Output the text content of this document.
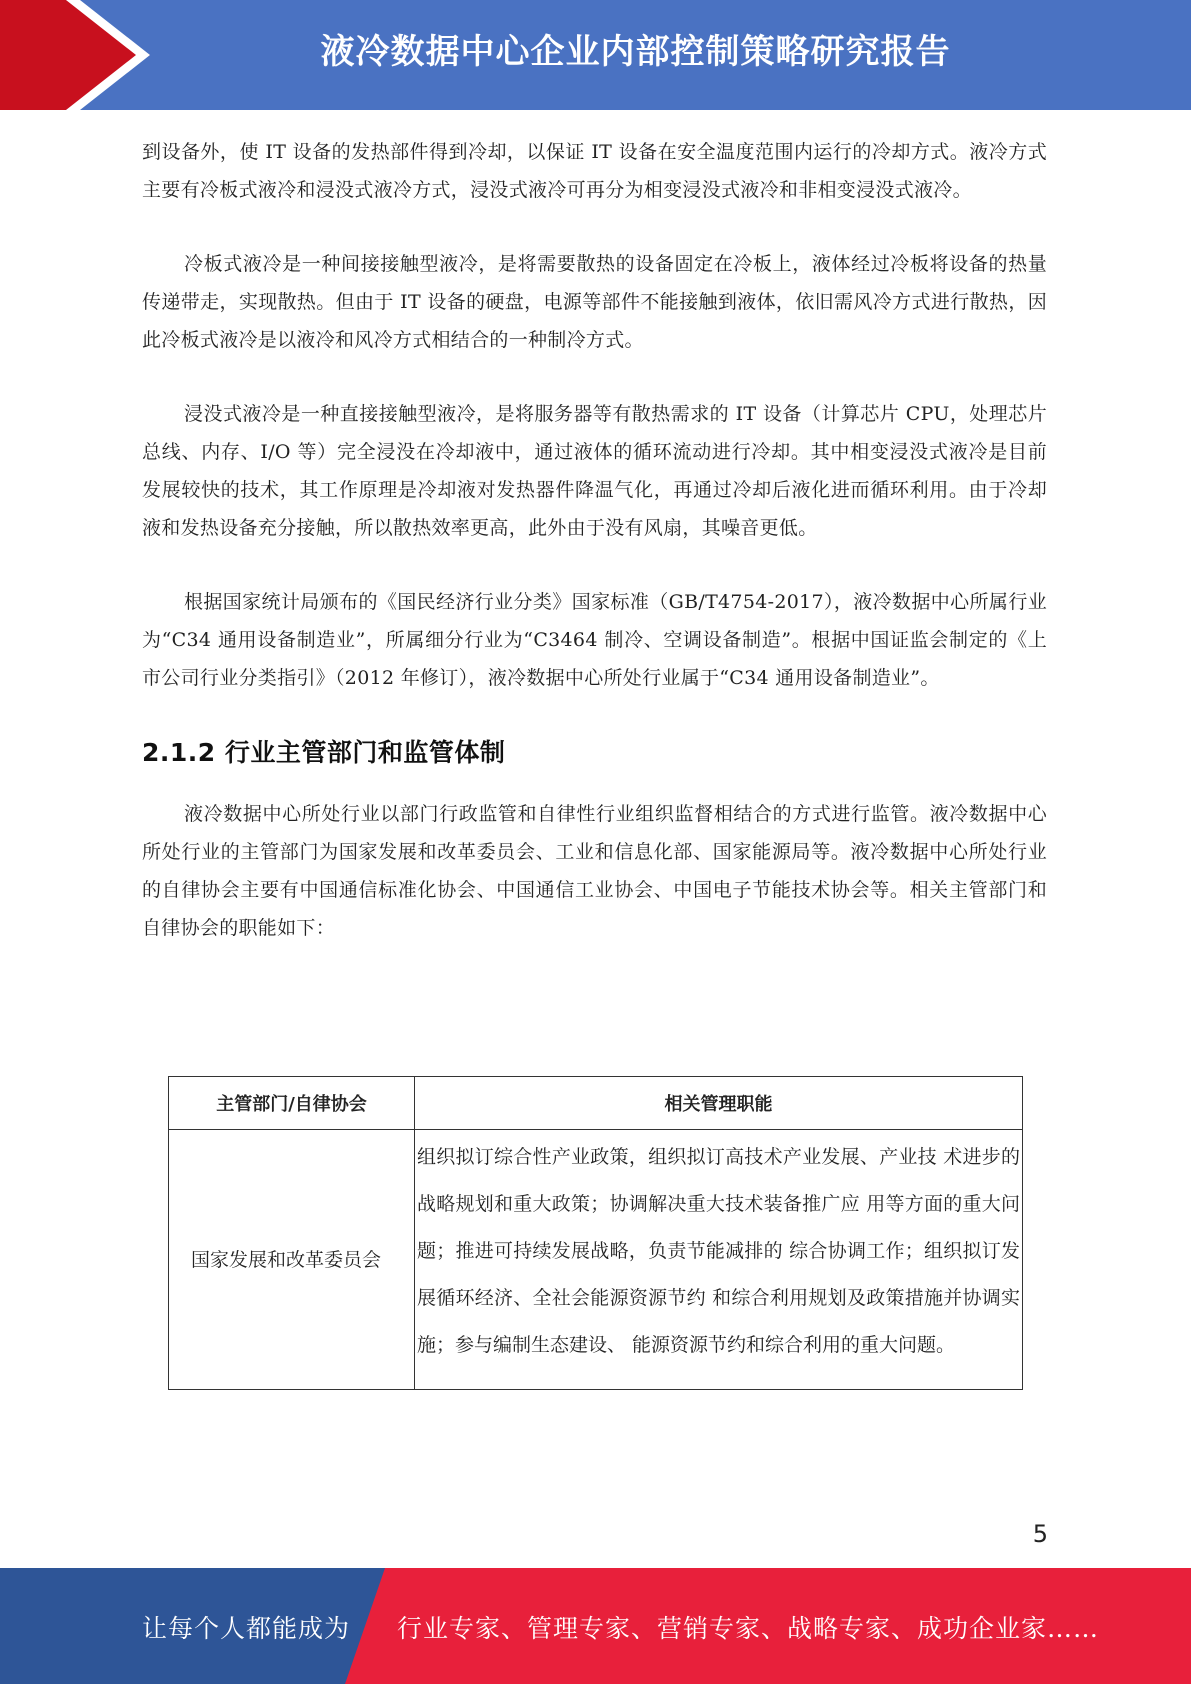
液冷数据中心企业内部控制策略研究报告

到设备外，使 IT 设备的发热部件得到冷却，以保证 IT 设备在安全温度范围内运行的冷却方式。液冷方式主要有冷板式液冷和浸没式液冷方式，浸没式液冷可再分为相变浸没式液冷和非相变浸没式液冷。

冷板式液冷是一种间接接触型液冷，是将需要散热的设备固定在冷板上，液体经过冷板将设备的热量传递带走，实现散热。但由于 IT 设备的硬盘，电源等部件不能接触到液体，依旧需风冷方式进行散热，因此冷板式液冷是以液冷和风冷方式相结合的一种制冷方式。

浸没式液冷是一种直接接触型液冷，是将服务器等有散热需求的 IT 设备（计算芯片 CPU，处理芯片总线、内存、I/O 等）完全浸没在冷却液中，通过液体的循环流动进行冷却。其中相变浸没式液冷是目前发展较快的技术，其工作原理是冷却液对发热器件降温气化，再通过冷却后液化进而循环利用。由于冷却液和发热设备充分接触，所以散热效率更高，此外由于没有风扇，其噪音更低。

根据国家统计局颁布的《国民经济行业分类》国家标准（GB/T4754-2017），液冷数据中心所属行业为“C34 通用设备制造业”，所属细分行业为“C3464 制冷、空调设备制造”。根据中国证监会制定的《上市公司行业分类指引》（2012 年修订），液冷数据中心所处行业属于“C34 通用设备制造业”。

2.1.2 行业主管部门和监管体制

液冷数据中心所处行业以部门行政监管和自律性行业组织监督相结合的方式进行监管。液冷数据中心所处行业的主管部门为国家发展和改革委员会、工业和信息化部、国家能源局等。液冷数据中心所处行业的自律协会主要有中国通信标准化协会、中国通信工业协会、中国电子节能技术协会等。相关主管部门和自律协会的职能如下：

主管部门/自律协会	相关管理职能
国家发展和改革委员会	组织拟订综合性产业政策，组织拟订高技术产业发展、产业技 术进步的战略规划和重大政策；协调解决重大技术装备推广应 用等方面的重大问题；推进可持续发展战略，负责节能减排的 综合协调工作；组织拟订发展循环经济、全社会能源资源节约 和综合利用规划及政策措施并协调实施；参与编制生态建设、 能源资源节约和综合利用的重大问题。
5
让每个人都能成为 行业专家、管理专家、营销专家、战略专家、成功企业家……
